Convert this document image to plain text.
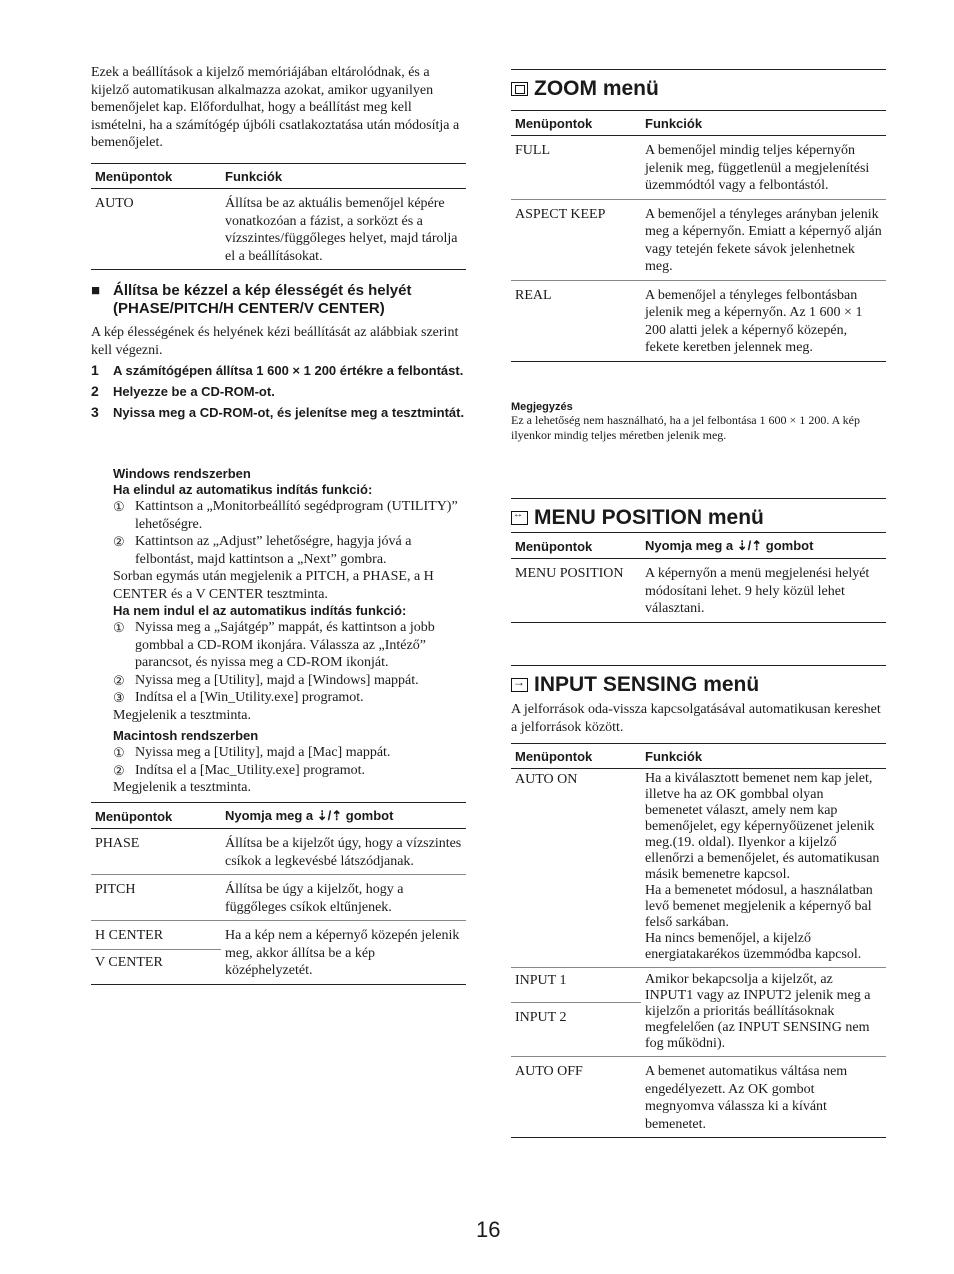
Ezek a beállítások a kijelző memóriájában eltárolódnak, és a kijelző automatikusan alkalmazza azokat, amikor ugyanilyen bemenőjelet kap. Előfordulhat, hogy a beállítást meg kell ismételni, ha a számítógép újbóli csatlakoztatása után módosítja a bemenőjelet.

Menüpontok	Funkciók
AUTO	Állítsa be az aktuális bemenőjel képére vonatkozóan a fázist, a sorközt és a vízszintes/függőleges helyet, majd tárolja el a beállításokat.
■ Állítsa be kézzel a kép élességét és helyét (PHASE/PITCH/H CENTER/V CENTER)

A kép élességének és helyének kézi beállítását az alábbiak szerint kell végezni.

1	A számítógépen állítsa 1 600 × 1 200 értékre a felbontást.
2	Helyezze be a CD-ROM-ot.
3	Nyissa meg a CD-ROM-ot, és jelenítse meg a tesztmintát.
Windows rendszerben
Ha elindul az automatikus indítás funkció:
① Kattintson a „Monitorbeállító segédprogram (UTILITY)” lehetőségre.
② Kattintson az „Adjust” lehetőségre, hagyja jóvá a felbontást, majd kattintson a „Next” gombra.

Sorban egymás után megjelenik a PITCH, a PHASE, a H CENTER és a V CENTER tesztminta.

Ha nem indul el az automatikus indítás funkció:
① Nyissa meg a „Sajátgép” mappát, és kattintson a jobb gombbal a CD-ROM ikonjára. Válassza az „Intéző” parancsot, és nyissa meg a CD-ROM ikonját.
② Nyissa meg a [Utility], majd a [Windows] mappát.
③ Indítsa el a [Win_Utility.exe] programot.

Megjelenik a tesztminta.

Macintosh rendszerben
① Nyissa meg a [Utility], majd a [Mac] mappát.
② Indítsa el a [Mac_Utility.exe] programot.

Megjelenik a tesztminta.

Menüpontok	Nyomja meg a ⇣/⇡ gombot
PHASE	Állítsa be a kijelzőt úgy, hogy a vízszintes csíkok a legkevésbé látszódjanak.
PITCH	Állítsa be úgy a kijelzőt, hogy a függőleges csíkok eltűnjenek.

H CENTER
V CENTER	Ha a kép nem a képernyő közepén jelenik meg, akkor állítsa be a kép középhelyzetét.
ZOOM menü
Menüpontok	Funkciók
FULL	A bemenőjel mindig teljes képernyőn jelenik meg, függetlenül a megjelenítési üzemmódtól vagy a felbontástól.
ASPECT KEEP	A bemenőjel a tényleges arányban jelenik meg a képernyőn. Emiatt a képernyő alján vagy tetején fekete sávok jelenhetnek meg.
REAL	A bemenőjel a tényleges felbontásban jelenik meg a képernyőn. Az 1 600 × 1 200 alatti jelek a képernyő közepén, fekete keretben jelennek meg.
Megjegyzés

Ez a lehetőség nem használható, ha a jel felbontása 1 600 × 1 200. A kép ilyenkor mindig teljes méretben jelenik meg.

↔
MENU POSITION menü
Menüpontok	Nyomja meg a ⇣/⇡ gombot
MENU POSITION	A képernyőn a menü megjelenési helyét módosítani lehet. 9 hely közül lehet választani.
→
INPUT SENSING menü

A jelforrások oda-vissza kapcsolgatásával automatikusan kereshet a jelforrások között.

Menüpontok	Funkciók
AUTO ON	Ha a kiválasztott bemenet nem kap jelet, illetve ha az OK gombbal olyan bemenetet választ, amely nem kap bemenőjelet, egy képernyőüzenet jelenik meg.(19. oldal). Ilyenkor a kijelző ellenőrzi a bemenőjelet, és automatikusan másik bemenetre kapcsol.
Ha a bemenetet módosul, a használatban levő bemenet megjelenik a képernyő bal felső sarkában.
Ha nincs bemenőjel, a kijelző energiatakarékos üzemmódba kapcsol.

INPUT 1
INPUT 2	Amikor bekapcsolja a kijelzőt, az INPUT1 vagy az INPUT2 jelenik meg a kijelzőn a prioritás beállításoknak megfelelően (az INPUT SENSING nem fog működni).
AUTO OFF	A bemenet automatikus váltása nem engedélyezett. Az OK gombot megnyomva válassza ki a kívánt bemenetet.
16
